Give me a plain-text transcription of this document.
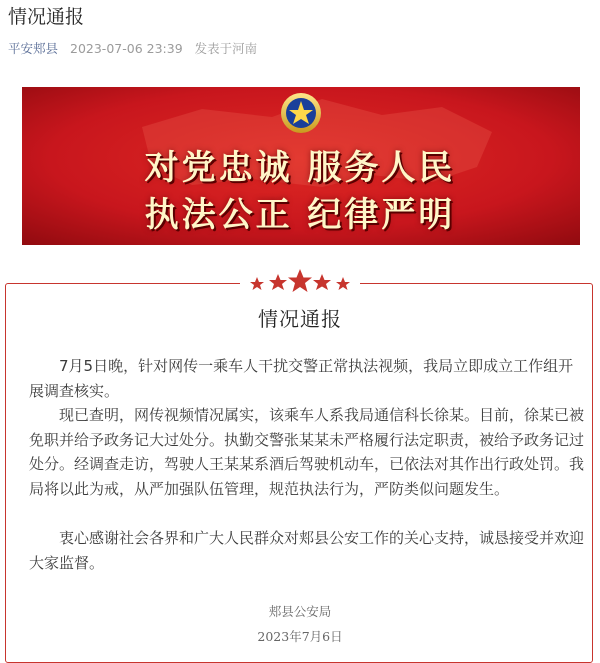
情况通报
平安郏县 2023-07-06 23:39 发表于河南
对党忠诚 服务人民
执法公正 纪律严明
情况通报

7月5日晚，针对网传一乘车人干扰交警正常执法视频，我局立即成立工作组开展调查核实。

现已查明，网传视频情况属实，该乘车人系我局通信科长徐某。目前，徐某已被免职并给予政务记大过处分。执勤交警张某某未严格履行法定职责，被给予政务记过处分。经调查走访，驾驶人王某某系酒后驾驶机动车，已依法对其作出行政处罚。我局将以此为戒，从严加强队伍管理，规范执法行为，严防类似问题发生。

衷心感谢社会各界和广大人民群众对郏县公安工作的关心支持，诚恳接受并欢迎大家监督。

郏县公安局
2023年7月6日
